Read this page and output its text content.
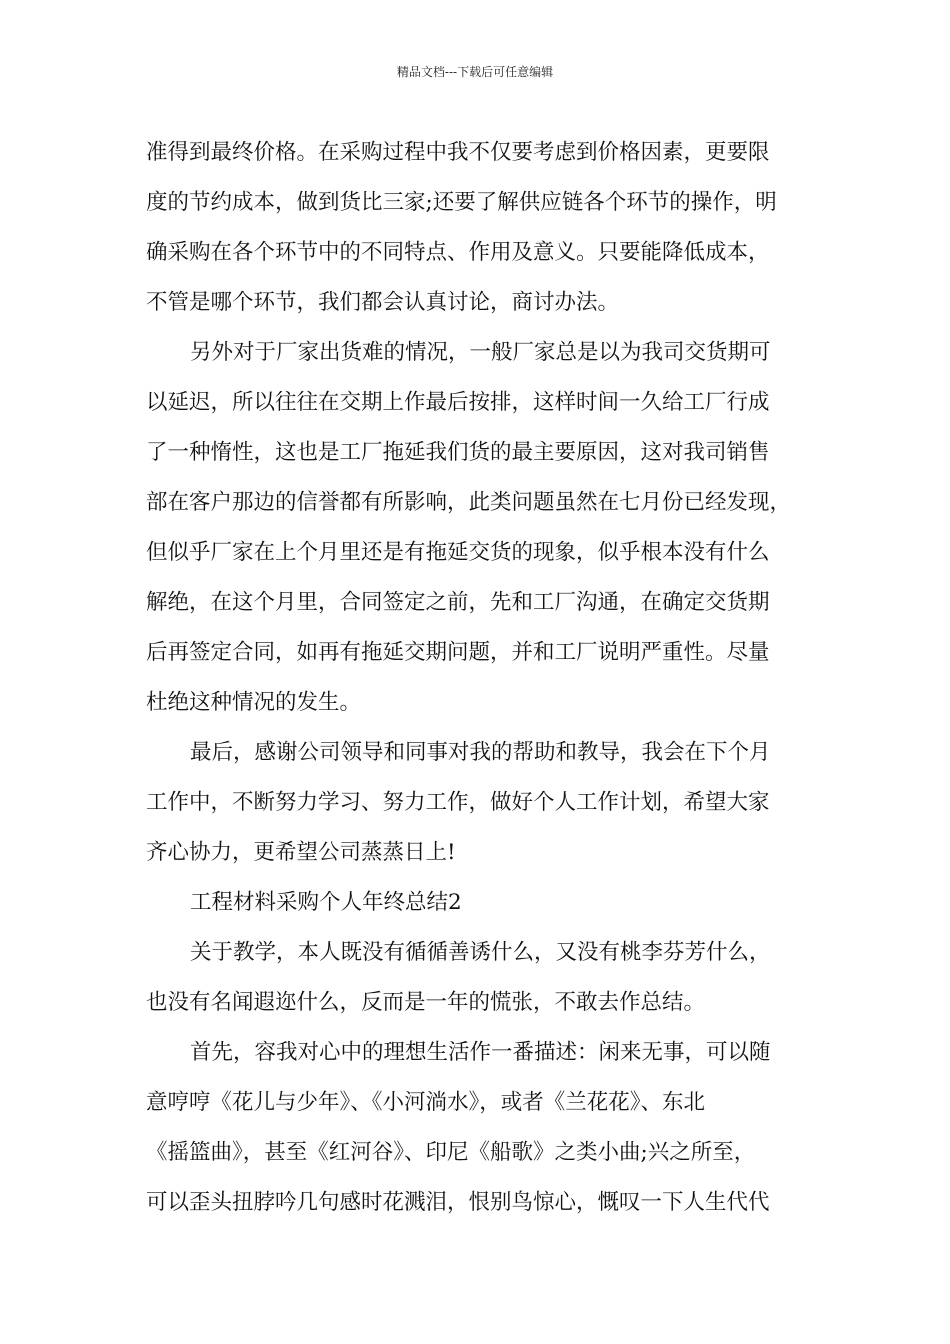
精品文档---下载后可任意编辑
准得到最终价格。在采购过程中我不仅要考虑到价格因素，更要限
度的节约成本，做到货比三家;还要了解供应链各个环节的操作，明
确采购在各个环节中的不同特点、作用及意义。只要能降低成本，
不管是哪个环节，我们都会认真讨论，商讨办法。
另外对于厂家出货难的情况，一般厂家总是以为我司交货期可
以延迟，所以往往在交期上作最后按排，这样时间一久给工厂行成
了一种惰性，这也是工厂拖延我们货的最主要原因，这对我司销售
部在客户那边的信誉都有所影响，此类问题虽然在七月份已经发现，
但似乎厂家在上个月里还是有拖延交货的现象，似乎根本没有什么
解绝，在这个月里，合同签定之前，先和工厂沟通，在确定交货期
后再签定合同，如再有拖延交期问题，并和工厂说明严重性。尽量
杜绝这种情况的发生。
最后，感谢公司领导和同事对我的帮助和教导，我会在下个月
工作中，不断努力学习、努力工作，做好个人工作计划，希望大家
齐心协力，更希望公司蒸蒸日上!
工程材料采购个人年终总结2
关于教学，本人既没有循循善诱什么，又没有桃李芬芳什么，
也没有名闻遐迩什么，反而是一年的慌张，不敢去作总结。
首先，容我对心中的理想生活作一番描述：闲来无事，可以随
意哼哼《花儿与少年》、《小河淌水》，或者《兰花花》、东北
《摇篮曲》，甚至《红河谷》、印尼《船歌》之类小曲;兴之所至，
可以歪头扭脖吟几句感时花溅泪，恨别鸟惊心，慨叹一下人生代代
